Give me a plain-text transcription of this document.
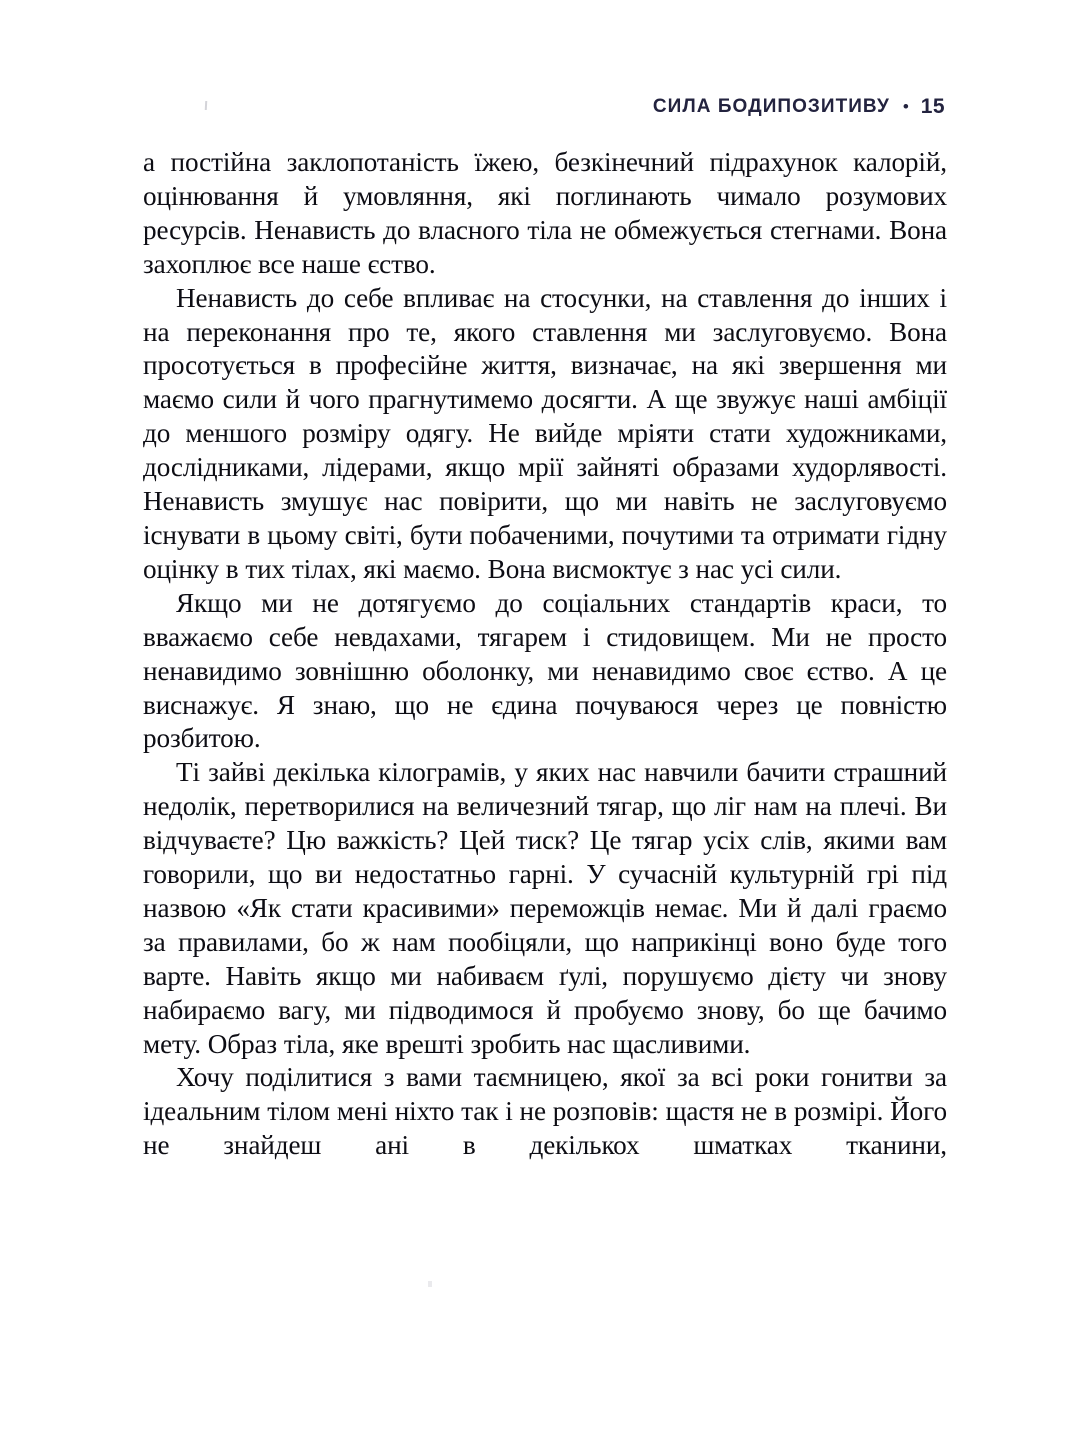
СИЛА БОДИПОЗИТИВУ • 15

а постійна заклопотаність їжею, безкінечний підрахунок калорій, оцінювання й умовляння, які поглинають чимало розумових ресурсів. Ненависть до власного тіла не обмежується стегнами. Вона захоплює все наше єство.

Ненависть до себе впливає на стосунки, на ставлення до інших і на переконання про те, якого ставлення ми заслуговуємо. Вона просотується в професійне життя, визначає, на які звершення ми маємо сили й чого прагнутимемо досягти. А ще звужує наші амбіції до меншого розміру одягу. Не вийде мріяти стати художниками, дослідниками, лідерами, якщо мрії зайняті образами худорлявості. Ненависть змушує нас повірити, що ми навіть не заслуговуємо існувати в цьому світі, бути побаченими, почутими та отримати гідну оцінку в тих тілах, які маємо. Вона висмоктує з нас усі сили.

Якщо ми не дотягуємо до соціальних стандартів краси, то вважаємо себе невдахами, тягарем і стидовищем. Ми не просто ненавидимо зовнішню оболонку, ми ненавидимо своє єство. А це виснажує. Я знаю, що не єдина почуваюся через це повністю розбитою.

Ті зайві декілька кілограмів, у яких нас навчили бачити страшний недолік, перетворилися на величезний тягар, що ліг нам на плечі. Ви відчуваєте? Цю важкість? Цей тиск? Це тягар усіх слів, якими вам говорили, що ви недостатньо гарні. У сучасній культурній грі під назвою «Як стати красивими» переможців немає. Ми й далі граємо за правилами, бо ж нам пообіцяли, що наприкінці воно буде того варте. Навіть якщо ми набиваєм ґулі, порушуємо дієту чи знову набираємо вагу, ми підводимося й пробуємо знову, бо ще бачимо мету. Образ тіла, яке врешті зробить нас щасливими.

Хочу поділитися з вами таємницею, якої за всі роки гонитви за ідеальним тілом мені ніхто так і не розповів: щастя не в розмірі. Його не знайдеш ані в декількох шматках тканини,
